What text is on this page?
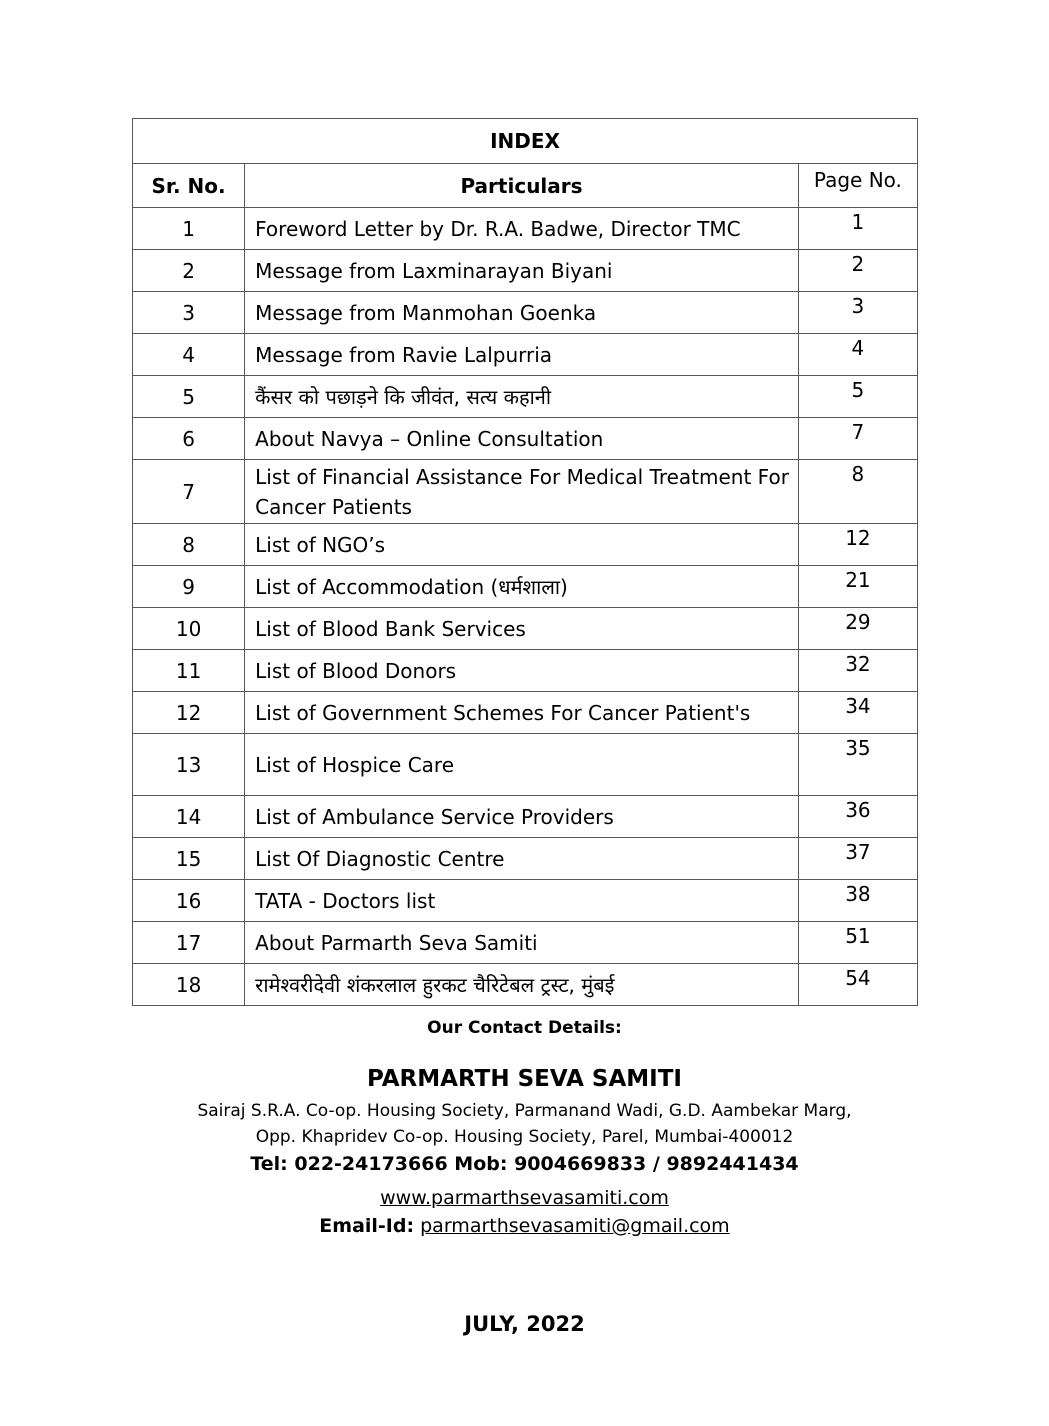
INDEX		
Sr. No.	Particulars	Page No.
1	Foreword Letter by Dr. R.A. Badwe, Director TMC	1
2	Message from Laxminarayan Biyani	2
3	Message from Manmohan Goenka	3
4	Message from Ravie Lalpurria	4
5	कैंसर को पछाड़ने कि जीवंत, सत्य कहानी	5
6	About Navya – Online Consultation	7
7	List of Financial Assistance For Medical Treatment For Cancer Patients	8
8	List of NGO’s	12
9	List of Accommodation (धर्मशाला)	21
10	List of Blood Bank Services	29
11	List of Blood Donors	32
12	List of Government Schemes For Cancer Patient's	34
13	List of Hospice Care	35
14	List of Ambulance Service Providers	36
15	List Of Diagnostic Centre	37
16	TATA - Doctors list	38
17	About Parmarth Seva Samiti	51
18	रामेश्वरीदेवी शंकरलाल हुरकट चैरिटेबल ट्रस्ट, मुंबई	54
Our Contact Details:
PARMARTH SEVA SAMITI
Sairaj S.R.A. Co-op. Housing Society, Parmanand Wadi, G.D. Aambekar Marg,
Opp. Khapridev Co-op. Housing Society, Parel, Mumbai-400012
Tel: 022-24173666 Mob: 9004669833 / 9892441434
www.parmarthsevasamiti.com
Email-Id: parmarthsevasamiti@gmail.com
JULY, 2022
